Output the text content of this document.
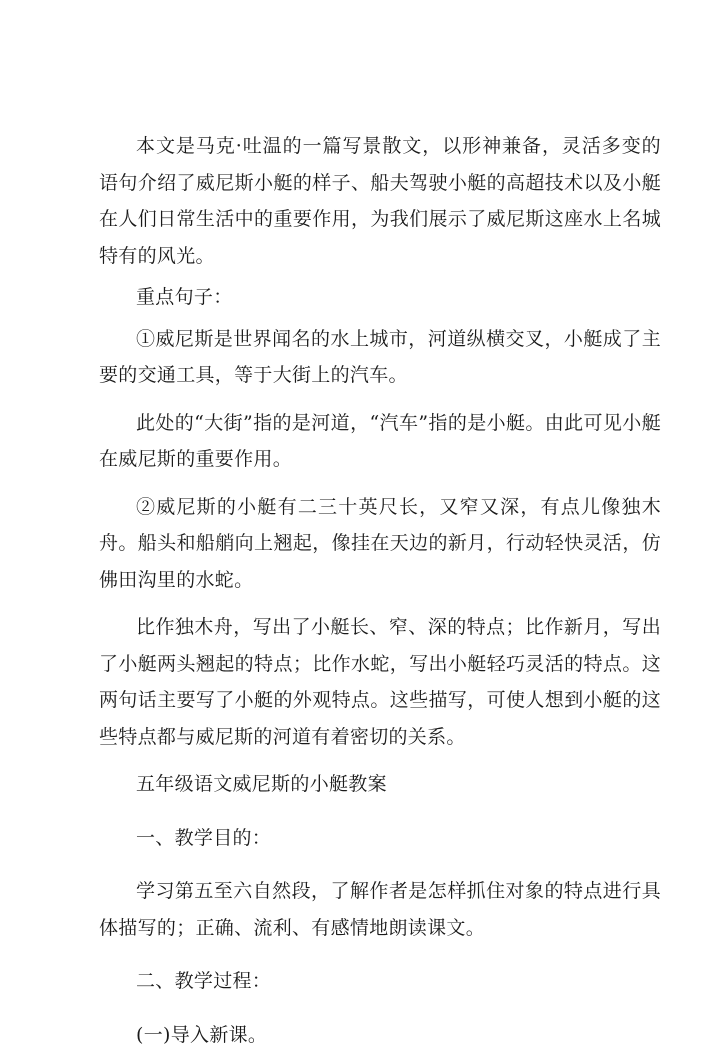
本文是马克·吐温的一篇写景散文，以形神兼备，灵活多变的语句介绍了威尼斯小艇的样子、船夫驾驶小艇的高超技术以及小艇在人们日常生活中的重要作用，为我们展示了威尼斯这座水上名城特有的风光。

重点句子：

①威尼斯是世界闻名的水上城市，河道纵横交叉，小艇成了主要的交通工具，等于大街上的汽车。

此处的“大街”指的是河道，“汽车”指的是小艇。由此可见小艇在威尼斯的重要作用。

②威尼斯的小艇有二三十英尺长，又窄又深，有点儿像独木舟。船头和船艄向上翘起，像挂在天边的新月，行动轻快灵活，仿佛田沟里的水蛇。

比作独木舟，写出了小艇长、窄、深的特点；比作新月，写出了小艇两头翘起的特点；比作水蛇，写出小艇轻巧灵活的特点。这两句话主要写了小艇的外观特点。这些描写，可使人想到小艇的这些特点都与威尼斯的河道有着密切的关系。

五年级语文威尼斯的小艇教案

一、教学目的：

学习第五至六自然段，了解作者是怎样抓住对象的特点进行具体描写的；正确、流利、有感情地朗读课文。

二、教学过程：

(一)导入新课。
